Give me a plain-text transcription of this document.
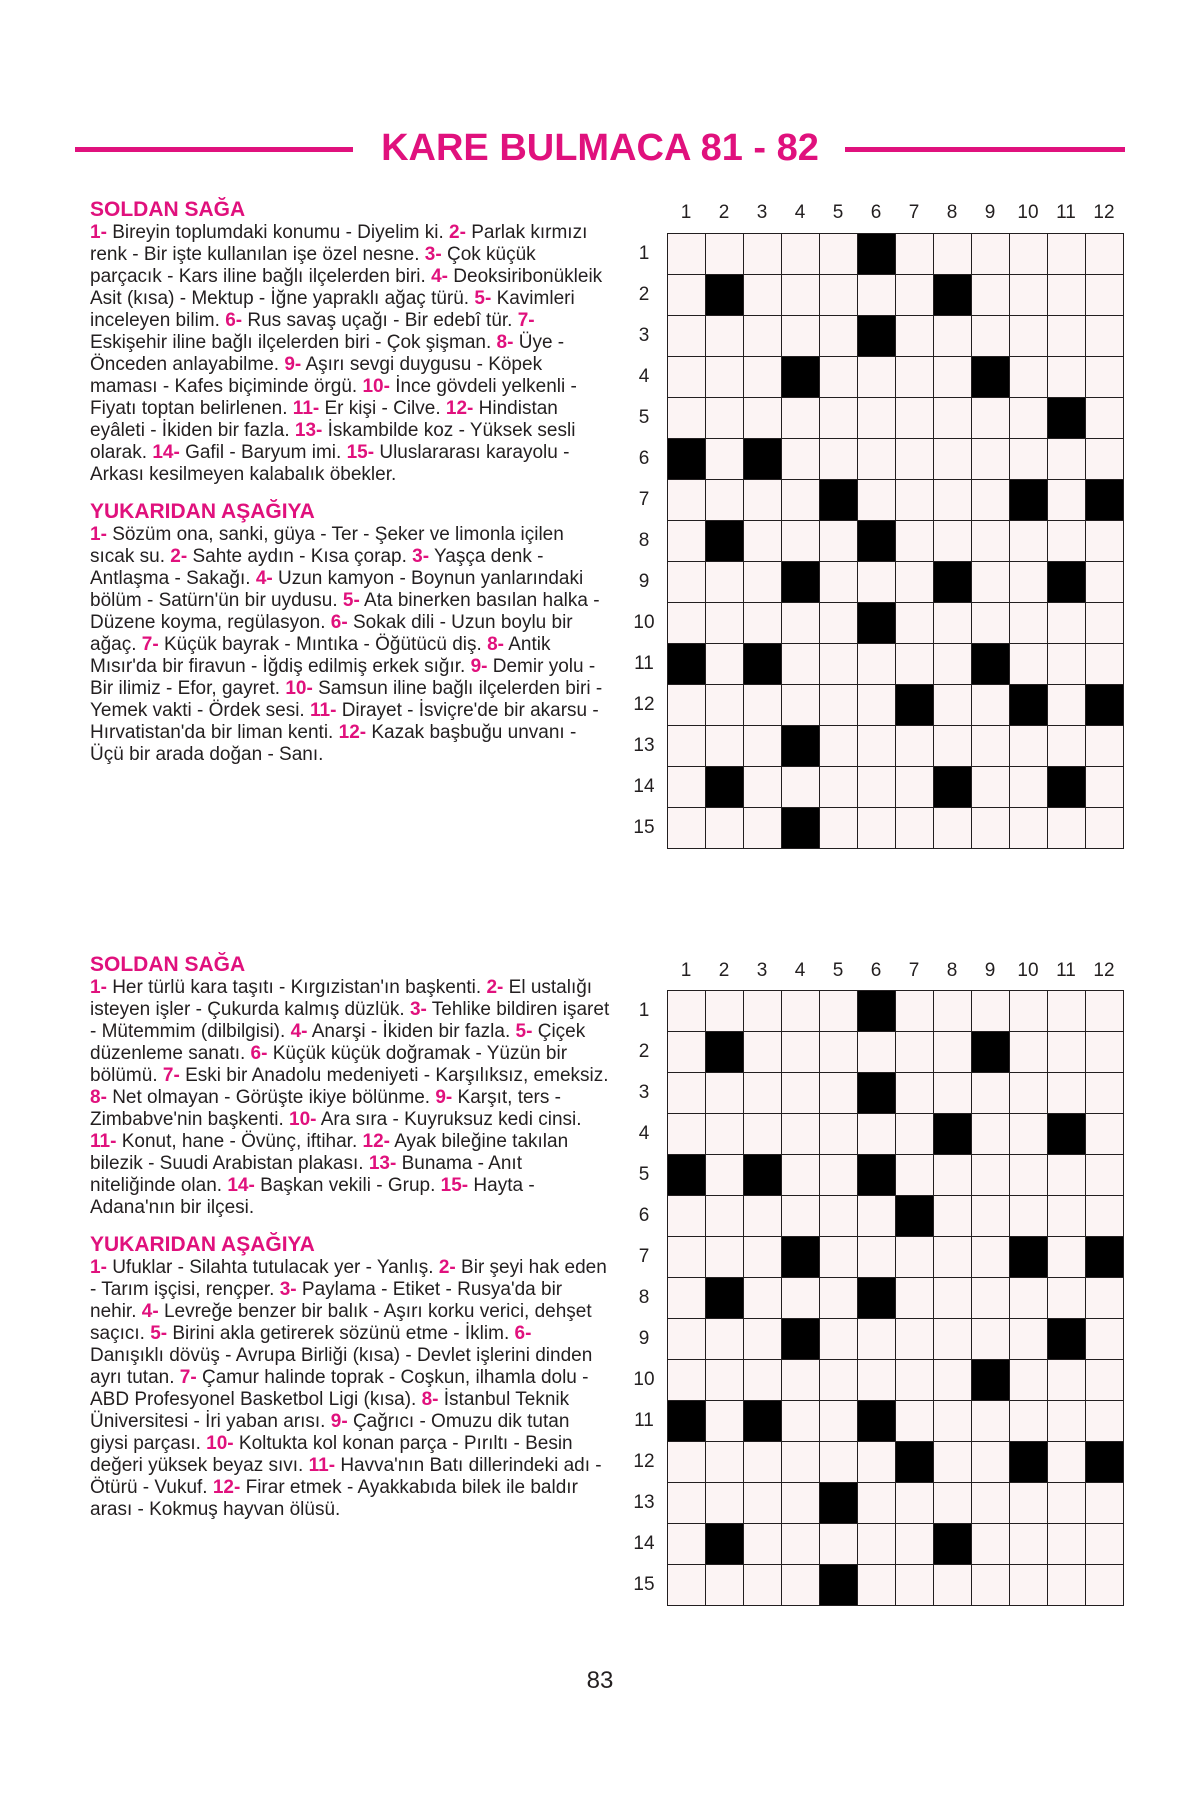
KARE BULMACA 81 - 82
SOLDAN SAĞA

1- Bireyin toplumdaki konumu - Diyelim ki. 2- Parlak kırmızı renk - Bir işte kullanılan işe özel nesne. 3- Çok küçük parçacık - Kars iline bağlı ilçelerden biri. 4- Deoksiribonükleik Asit (kısa) - Mektup - İğne yapraklı ağaç türü. 5- Kavimleri inceleyen bilim. 6- Rus savaş uçağı - Bir edebî tür. 7- Eskişehir iline bağlı ilçelerden biri - Çok şişman. 8- Üye - Önceden anlayabilme. 9- Aşırı sevgi duygusu - Köpek maması - Kafes biçiminde örgü. 10- İnce gövdeli yelkenli - Fiyatı toptan belirlenen. 11- Er kişi - Cilve. 12- Hindistan eyâleti - İkiden bir fazla. 13- İskambilde koz - Yüksek sesli olarak. 14- Gafil - Baryum imi. 15- Uluslararası karayolu - Arkası kesilmeyen kalabalık öbekler.

YUKARIDAN AŞAĞIYA

1- Sözüm ona, sanki, güya - Ter - Şeker ve limonla içilen sıcak su. 2- Sahte aydın - Kısa çorap. 3- Yaşça denk - Antlaşma - Sakağı. 4- Uzun kamyon - Boynun yanlarındaki bölüm - Satürn'ün bir uydusu. 5- Ata binerken basılan halka - Düzene koyma, regülasyon. 6- Sokak dili - Uzun boylu bir ağaç. 7- Küçük bayrak - Mıntıka - Öğütücü diş. 8- Antik Mısır'da bir firavun - İğdiş edilmiş erkek sığır. 9- Demir yolu - Bir ilimiz - Efor, gayret. 10- Samsun iline bağlı ilçelerden biri - Yemek vakti - Ördek sesi. 11- Dirayet - İsviçre'de bir akarsu - Hırvatistan'da bir liman kenti. 12- Kazak başbuğu unvanı - Üçü bir arada doğan - Sanı.

1	2	3	4	5	6	7	8	9	10 11 12
1
2
3
4
5
6
7
8
9
10
11
12
13
14
15
SOLDAN SAĞA

1- Her türlü kara taşıtı - Kırgızistan'ın başkenti. 2- El ustalığı isteyen işler - Çukurda kalmış düzlük. 3- Tehlike bildiren işaret - Mütemmim (dilbilgisi). 4- Anarşi - İkiden bir fazla. 5- Çiçek düzenleme sanatı. 6- Küçük küçük doğramak - Yüzün bir bölümü. 7- Eski bir Anadolu medeniyeti - Karşılıksız, emeksiz. 8- Net olmayan - Görüşte ikiye bölünme. 9- Karşıt, ters - Zimbabve'nin başkenti. 10- Ara sıra - Kuyruksuz kedi cinsi. 11- Konut, hane - Övünç, iftihar. 12- Ayak bileğine takılan bilezik - Suudi Arabistan plakası. 13- Bunama - Anıt niteliğinde olan. 14- Başkan vekili - Grup. 15- Hayta - Adana'nın bir ilçesi.

YUKARIDAN AŞAĞIYA

1- Ufuklar - Silahta tutulacak yer - Yanlış. 2- Bir şeyi hak eden - Tarım işçisi, rençper. 3- Paylama - Etiket - Rusya'da bir nehir. 4- Levreğe benzer bir balık - Aşırı korku verici, dehşet saçıcı. 5- Birini akla getirerek sözünü etme - İklim. 6- Danışıklı dövüş - Avrupa Birliği (kısa) - Devlet işlerini dinden ayrı tutan. 7- Çamur halinde toprak - Coşkun, ilhamla dolu - ABD Profesyonel Basketbol Ligi (kısa). 8- İstanbul Teknik Üniversitesi - İri yaban arısı. 9- Çağrıcı - Omuzu dik tutan giysi parçası. 10- Koltukta kol konan parça - Pırıltı - Besin değeri yüksek beyaz sıvı. 11- Havva'nın Batı dillerindeki adı - Ötürü - Vukuf. 12- Firar etmek - Ayakkabıda bilek ile baldır arası - Kokmuş hayvan ölüsü.

1	2	3	4	5	6	7	8	9	10 11 12
1
2
3
4
5
6
7
8
9
10
11
12
13
14
15
83
